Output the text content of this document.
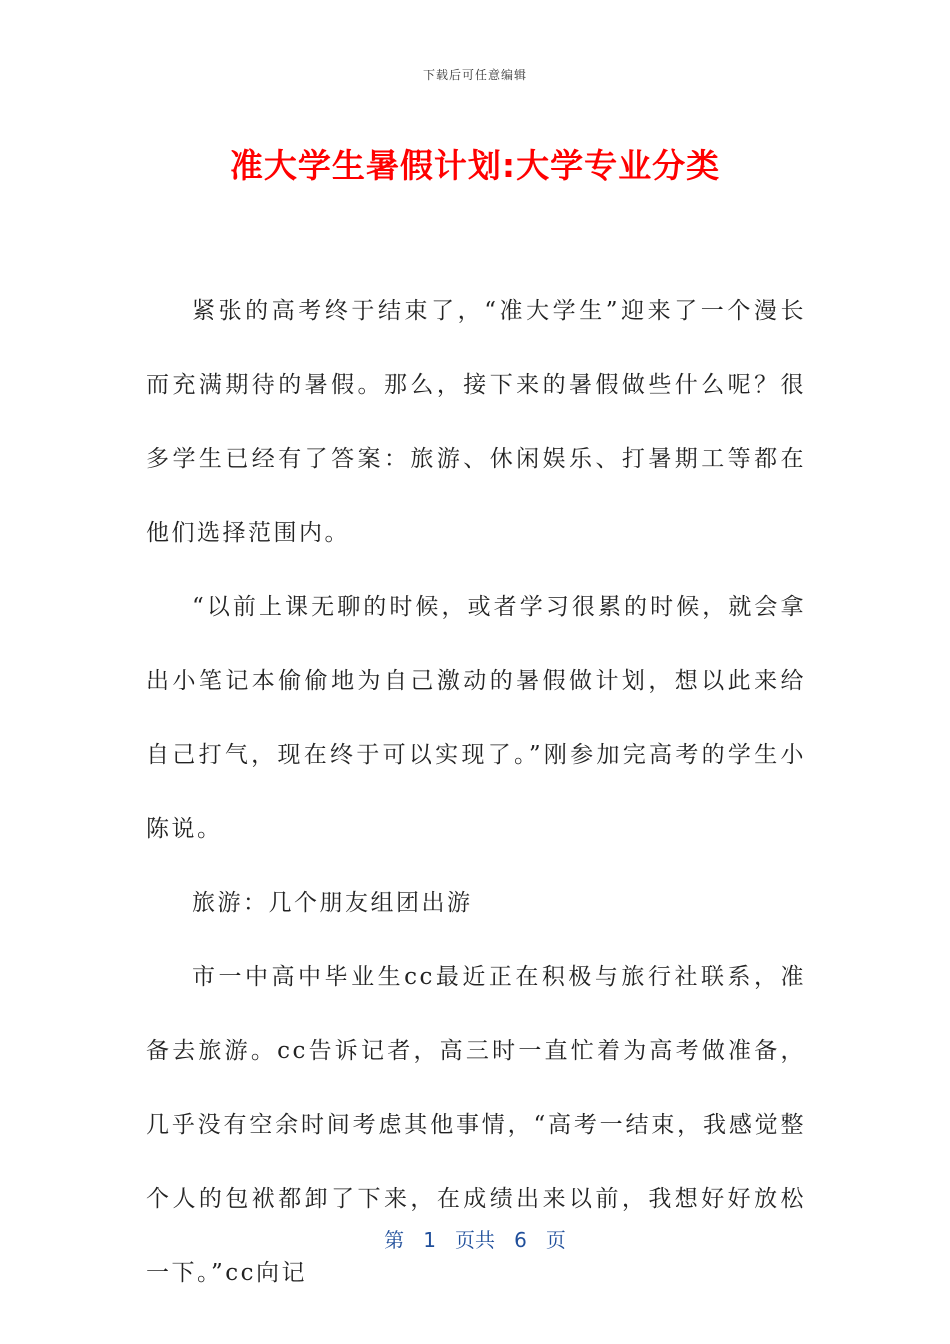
下载后可任意编辑
准大学生暑假计划:大学专业分类

紧张的高考终于结束了，“准大学生”迎来了一个漫长而充满期待的暑假。那么，接下来的暑假做些什么呢？很多学生已经有了答案：旅游、休闲娱乐、打暑期工等都在他们选择范围内。

“以前上课无聊的时候，或者学习很累的时候，就会拿出小笔记本偷偷地为自己激动的暑假做计划，想以此来给自己打气，现在终于可以实现了。”刚参加完高考的学生小陈说。

旅游：几个朋友组团出游

市一中高中毕业生cc最近正在积极与旅行社联系，准备去旅游。cc告诉记者，高三时一直忙着为高考做准备，几乎没有空余时间考虑其他事情，“高考一结束，我感觉整个人的包袱都卸了下来，在成绩出来以前，我想好好放松一下。”cc向记

第 1 页共 6 页
